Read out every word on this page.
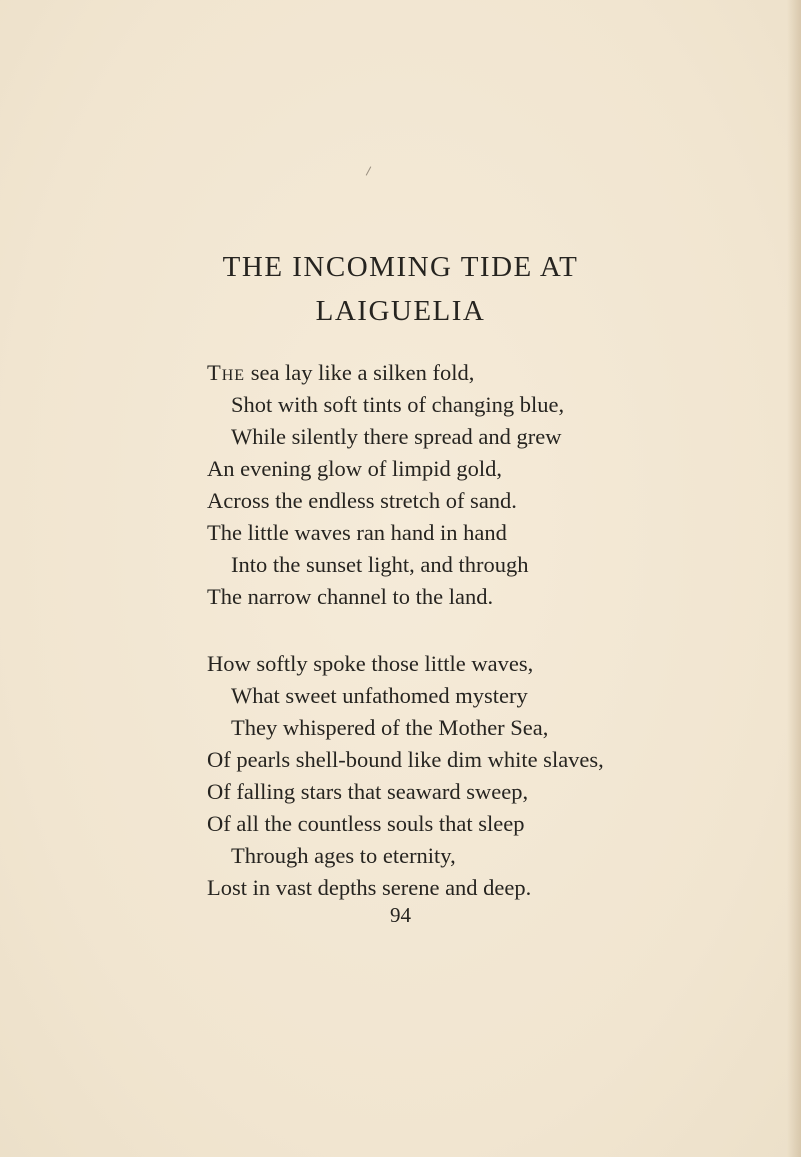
THE INCOMING TIDE AT
LAIGUELIA
The sea lay like a silken fold,
Shot with soft tints of changing blue,
While silently there spread and grew
An evening glow of limpid gold,
Across the endless stretch of sand.
The little waves ran hand in hand
Into the sunset light, and through
The narrow channel to the land.
How softly spoke those little waves,
What sweet unfathomed mystery
They whispered of the Mother Sea,
Of pearls shell-bound like dim white slaves,
Of falling stars that seaward sweep,
Of all the countless souls that sleep
Through ages to eternity,
Lost in vast depths serene and deep.
94
